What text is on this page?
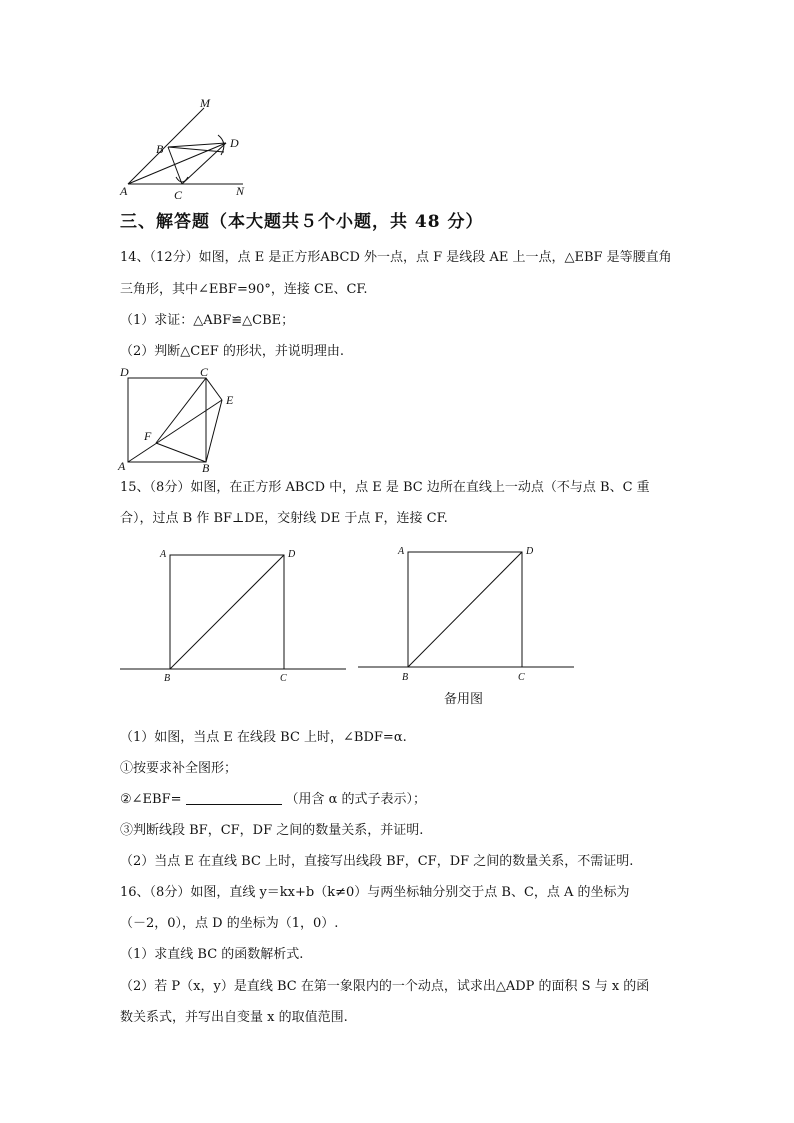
M
B	D
A	C	N
三、解答题（本大题共５个小题，共 48 分）
14、（12分）如图，点 E 是正方形ABCD 外一点，点 F 是线段 AE 上一点，△EBF 是等腰直角
三角形，其中∠EBF=90°，连接 CE、CF.
（1）求证：△ABF≌△CBE；
（2）判断△CEF 的形状，并说明理由.
D	C
E
F
A	B
15、（8分）如图，在正方形 ABCD 中，点 E 是 BC 边所在直线上一动点（不与点 B、C 重
合），过点 B 作 BF⊥DE，交射线 DE 于点 F，连接 CF.
A	D
B	C
A	D
B	C
备用图
（1）如图，当点 E 在线段 BC 上时，∠BDF=α.
①按要求补全图形；
②∠EBF=	（用含 α 的式子表示）；
③判断线段 BF，CF，DF 之间的数量关系，并证明.
（2）当点 E 在直线 BC 上时，直接写出线段 BF，CF，DF 之间的数量关系，不需证明.
16、（8分）如图，直线 y＝kx+b（k≠0）与两坐标轴分别交于点 B、C，点 A 的坐标为
（－2，0），点 D 的坐标为（1，0）.
（1）求直线 BC 的函数解析式.
（2）若 P（x，y）是直线 BC 在第一象限内的一个动点，试求出△ADP 的面积 S 与 x 的函
数关系式，并写出自变量 x 的取值范围.
